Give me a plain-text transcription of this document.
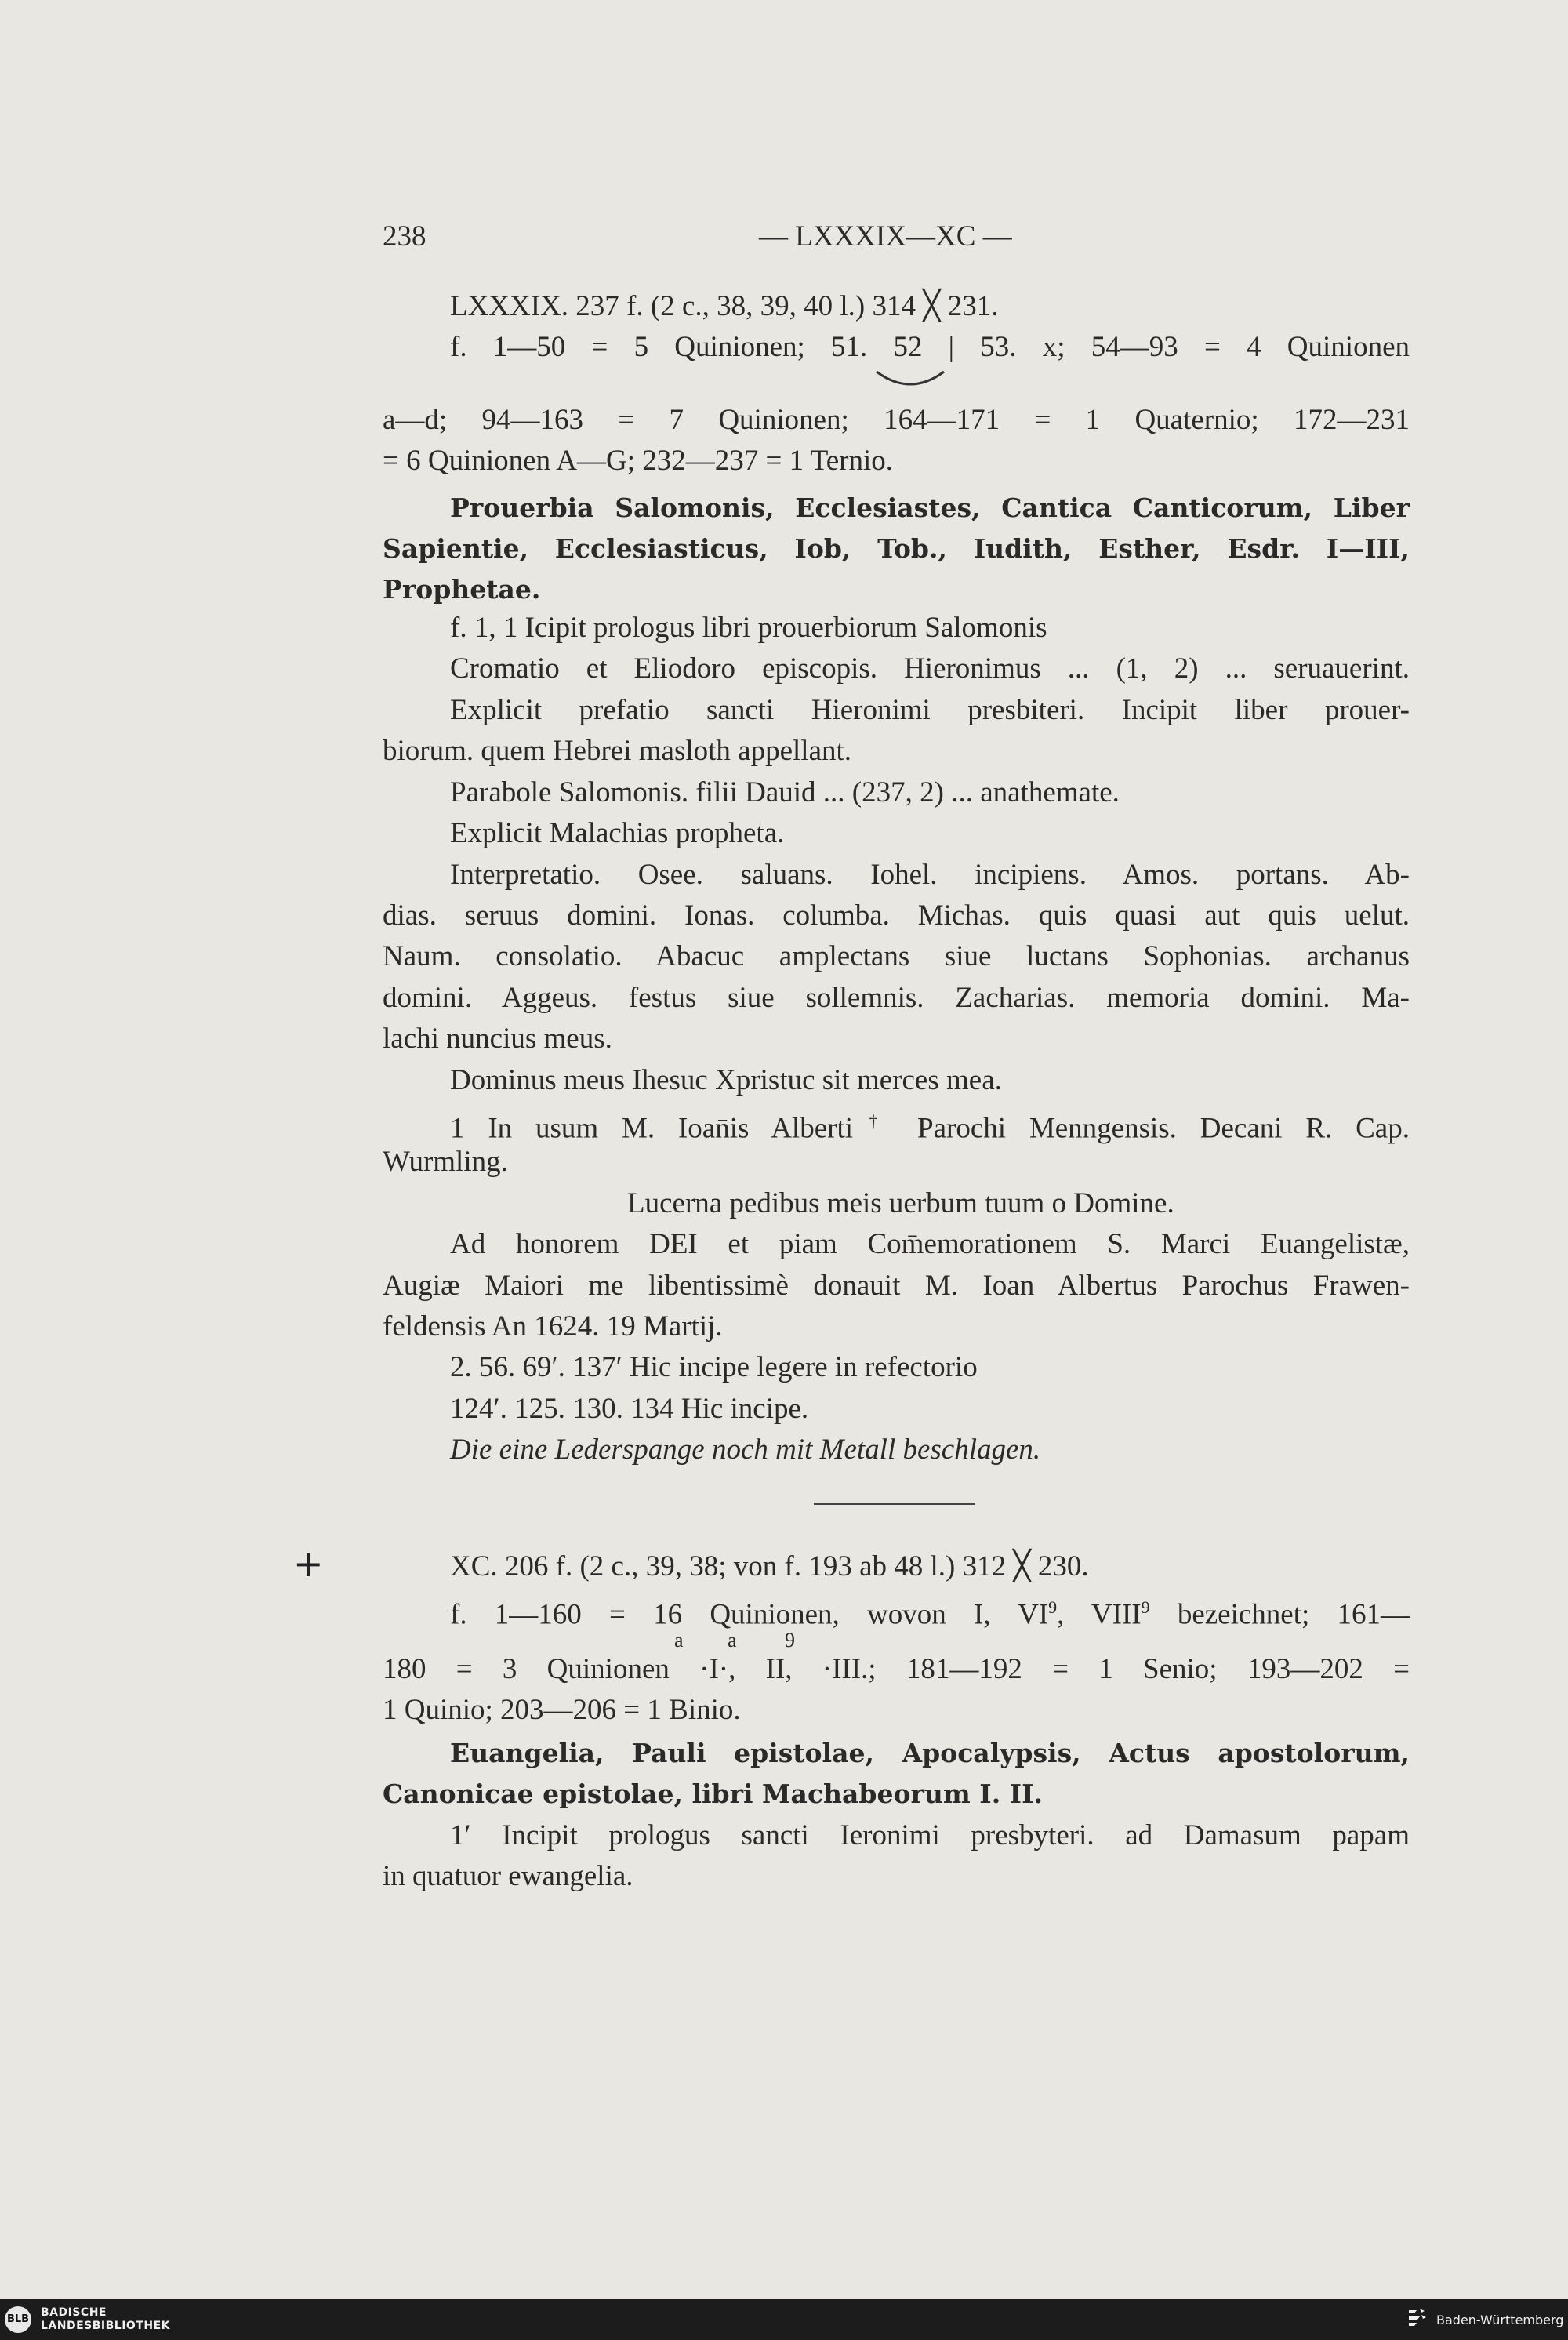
238	— LXXXIX—XC —
LXXXIX. 237 f. (2 c., 38, 39, 40 l.) 314 ╳ 231.
f. 1—50 = 5 Quinionen; 51. 52 | 53. x; 54—93 = 4 Quinionen
a—d; 94—163 = 7 Quinionen; 164—171 = 1 Quaternio; 172—231
= 6 Quinionen A—G; 232—237 = 1 Ternio.
Prouerbia Salomonis, Ecclesiastes, Cantica Canticorum, Liber
Sapientie, Ecclesiasticus, Iob, Tob., Iudith, Esther, Esdr. I—III,
Prophetae.
f. 1, 1 Icipit prologus libri prouerbiorum Salomonis
Cromatio et Eliodoro episcopis. Hieronimus ... (1, 2) ... seruauerint.
Explicit prefatio sancti Hieronimi presbiteri. Incipit liber prouer-
biorum. quem Hebrei masloth appellant.
Parabole Salomonis. filii Dauid ... (237, 2) ... anathemate.
Explicit Malachias propheta.
Interpretatio. Osee. saluans. Iohel. incipiens. Amos. portans. Ab-
dias. seruus domini. Ionas. columba. Michas. quis quasi aut quis uelut.
Naum. consolatio. Abacuc amplectans siue luctans Sophonias. archanus
domini. Aggeus. festus siue sollemnis. Zacharias. memoria domini. Ma-
lachi nuncius meus.
Dominus meus Ihesuc Xpristuc sit merces mea.
1 In usum M. Ioan̄is Alberti† Parochi Menngensis. Decani R. Cap.
Wurmling.
Lucerna pedibus meis uerbum tuum o Domine.
Ad honorem DEI et piam Com̄emorationem S. Marci Euangelistæ,
Augiæ Maiori me libentissimè donauit M. Ioan Albertus Parochus Frawen-
feldensis An 1624. 19 Martij.
2. 56. 69′. 137′ Hic incipe legere in refectorio
124′. 125. 130. 134 Hic incipe.
Die eine Lederspange noch mit Metall beschlagen.
+	XC. 206 f. (2 c., 39, 38; von f. 193 ab 48 l.) 312 ╳ 230.
f. 1—160 = 16 Quinionen, wovon I, $VI^9$, VIII$^9$ bezeichnet; 161—
a a 9
180 = 3 Quinionen ·I·, II, ·III.; 181—192 = 1 Senio; 193—202 =
1 Quinio; 203—206 = 1 Binio.
Euangelia, Pauli epistolae, Apocalypsis, Actus apostolorum,
Canonicae epistolae, libri Machabeorum I. II.
1′ Incipit prologus sancti Ieronimi presbyteri. ad Damasum papam
in quatuor ewangelia.
BLB
BADISCHE
LANDESBIBLIOTHEK	Baden-Württemberg
